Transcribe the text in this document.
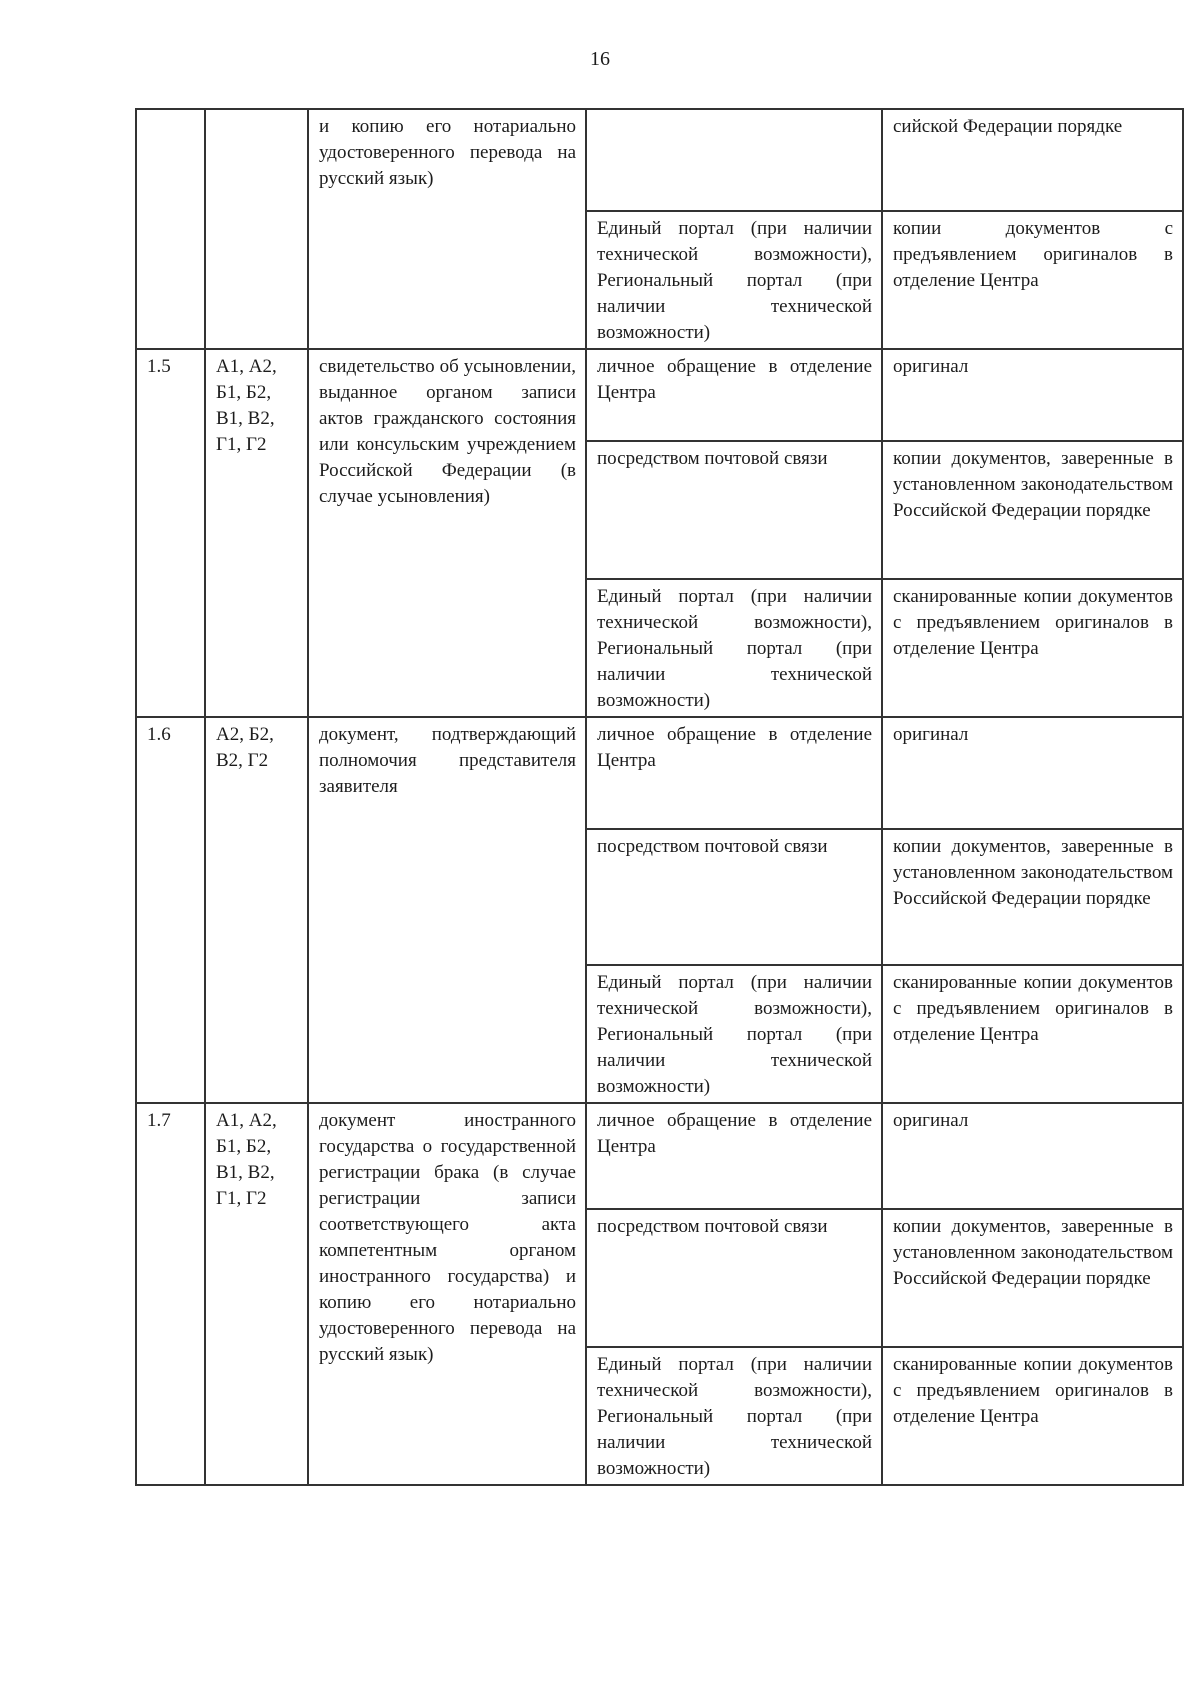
16
		и копию его нотариально удостоверенного перевода на русский язык)		сийской Федерации порядке
			Единый портал (при наличии технической возможности), Региональный портал (при наличии технической возможности)	копии документов с предъявлением оригиналов в отделение Центра
1.5	А1, А2, Б1, Б2, В1, В2, Г1, Г2	свидетельство об усыновлении, выданное органом записи актов гражданского состояния или консульским учреждением Российской Федерации (в случае усыновления)	личное обращение в отделение Центра	оригинал
			посредством почтовой связи	копии документов, заверенные в установленном законодательством Российской Федерации порядке
			Единый портал (при наличии технической возможности), Региональный портал (при наличии технической возможности)	сканированные копии документов с предъявлением оригиналов в отделение Центра
1.6	А2, Б2, В2, Г2	документ, подтверждающий полномочия представителя заявителя	личное обращение в отделение Центра	оригинал
			посредством почтовой связи	копии документов, заверенные в установленном законодательством Российской Федерации порядке
			Единый портал (при наличии технической возможности), Региональный портал (при наличии технической возможности)	сканированные копии документов с предъявлением оригиналов в отделение Центра
1.7	А1, А2, Б1, Б2, В1, В2, Г1, Г2	документ иностранного государства о государственной регистрации брака (в случае регистрации записи соответствующего акта компетентным органом иностранного государства) и копию его нотариально удостоверенного перевода на русский язык)	личное обращение в отделение Центра	оригинал
			посредством почтовой связи	копии документов, заверенные в установленном законодательством Российской Федерации порядке
			Единый портал (при наличии технической возможности), Региональный портал (при наличии технической возможности)	сканированные копии документов с предъявлением оригиналов в отделение Центра
